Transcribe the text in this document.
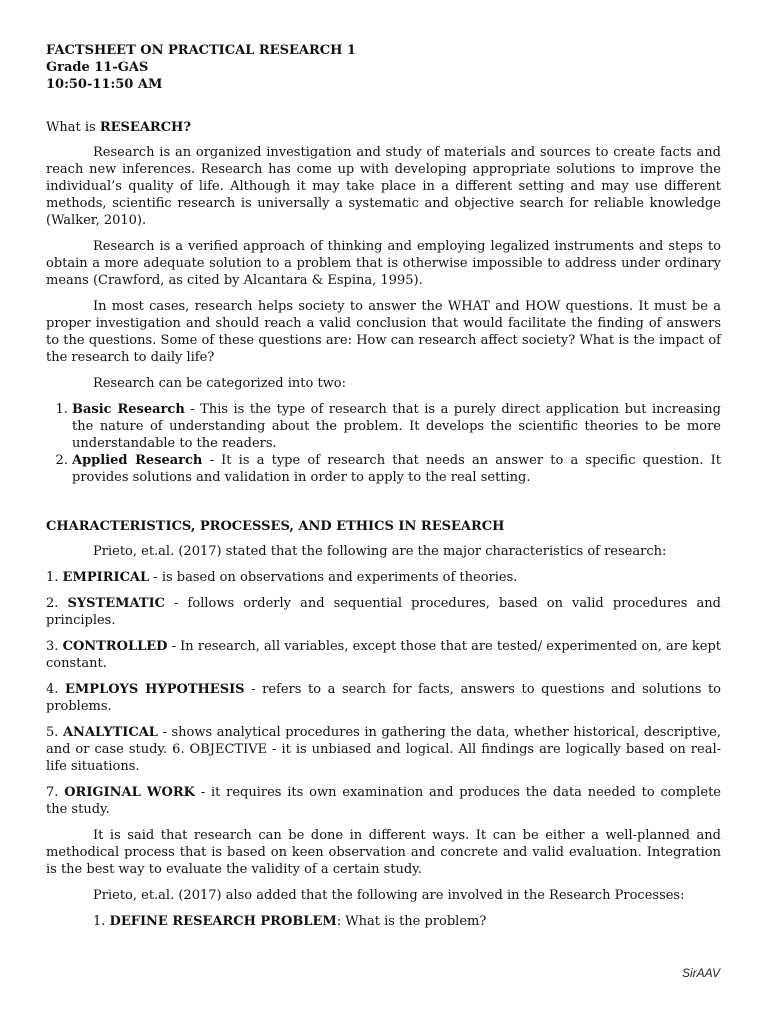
FACTSHEET ON PRACTICAL RESEARCH 1

Grade 11-GAS

10:50-11:50 AM

What is RESEARCH?

Research is an organized investigation and study of materials and sources to create facts and reach new inferences. Research has come up with developing appropriate solutions to improve the individual’s quality of life. Although it may take place in a different setting and may use different methods, scientific research is universally a systematic and objective search for reliable knowledge (Walker, 2010).

Research is a verified approach of thinking and employing legalized instruments and steps to obtain a more adequate solution to a problem that is otherwise impossible to address under ordinary means (Crawford, as cited by Alcantara & Espina, 1995).

In most cases, research helps society to answer the WHAT and HOW questions. It must be a proper investigation and should reach a valid conclusion that would facilitate the finding of answers to the questions. Some of these questions are: How can research affect society? What is the impact of the research to daily life?

Research can be categorized into two:

1. Basic Research - This is the type of research that is a purely direct application but increasing the nature of understanding about the problem. It develops the scientific theories to be more understandable to the readers.
2. Applied Research - It is a type of research that needs an answer to a specific question. It provides solutions and validation in order to apply to the real setting.

CHARACTERISTICS, PROCESSES, AND ETHICS IN RESEARCH

Prieto, et.al. (2017) stated that the following are the major characteristics of research:

1. EMPIRICAL - is based on observations and experiments of theories.

2. SYSTEMATIC - follows orderly and sequential procedures, based on valid procedures and principles.

3. CONTROLLED - In research, all variables, except those that are tested/ experimented on, are kept constant.

4. EMPLOYS HYPOTHESIS - refers to a search for facts, answers to questions and solutions to problems.

5. ANALYTICAL - shows analytical procedures in gathering the data, whether historical, descriptive, and or case study. 6. OBJECTIVE - it is unbiased and logical. All findings are logically based on real-life situations.

7. ORIGINAL WORK - it requires its own examination and produces the data needed to complete the study.

It is said that research can be done in different ways. It can be either a well-planned and methodical process that is based on keen observation and concrete and valid evaluation. Integration is the best way to evaluate the validity of a certain study.

Prieto, et.al. (2017) also added that the following are involved in the Research Processes:

1. DEFINE RESEARCH PROBLEM: What is the problem?

SirAAV
